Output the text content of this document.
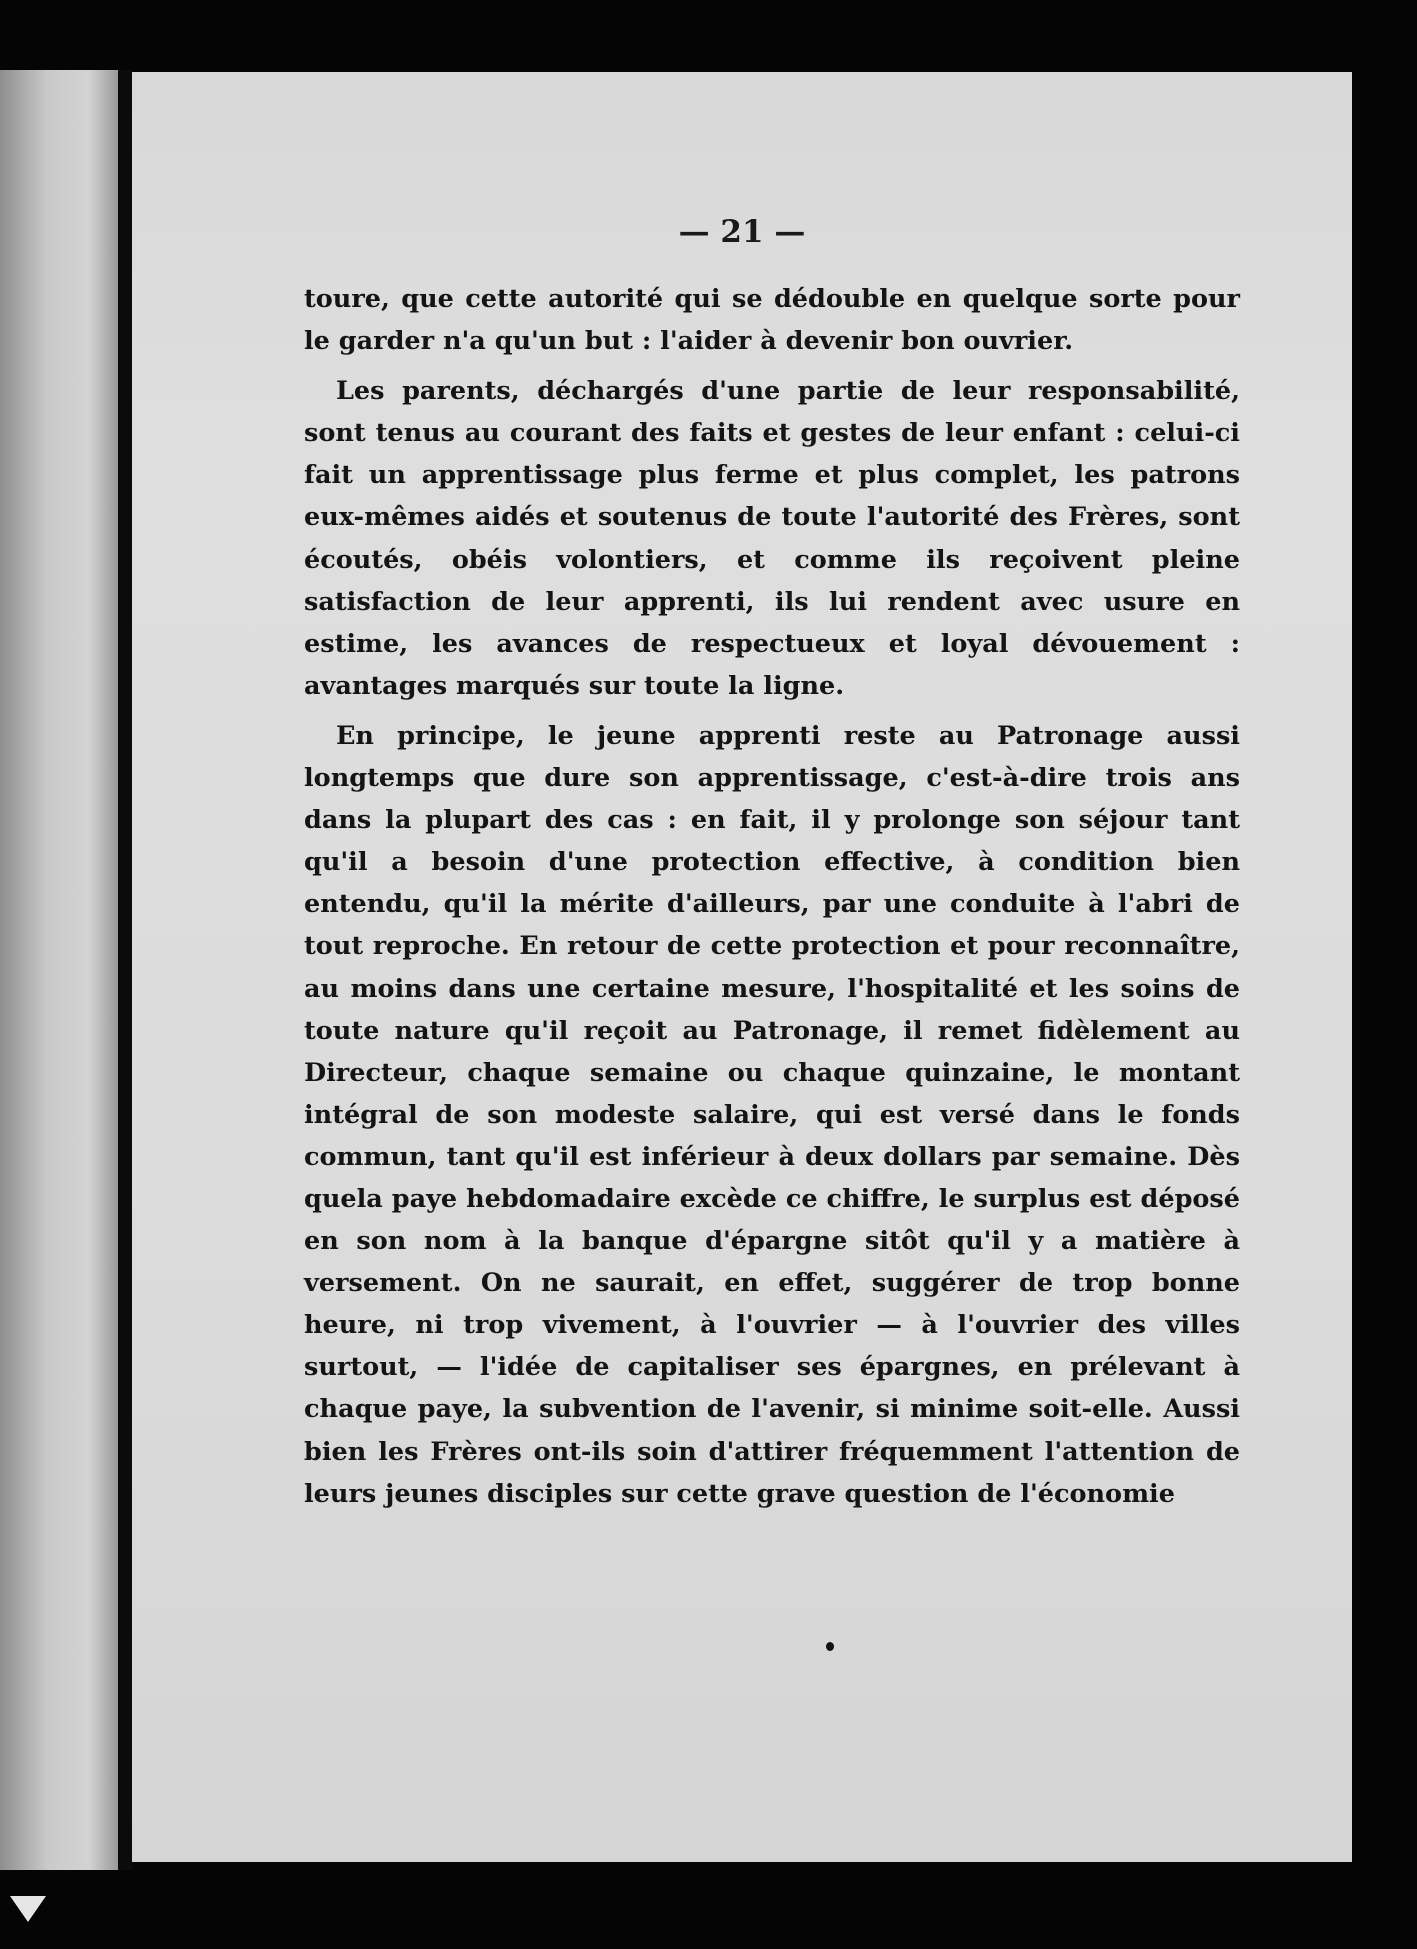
— 21 —

toure, que cette autorité qui se dédouble en quelque sorte pour le garder n'a qu'un but : l'aider à devenir bon ouvrier.

Les parents, déchargés d'une partie de leur responsabilité, sont tenus au courant des faits et gestes de leur enfant : celui-ci fait un apprentissage plus ferme et plus complet, les patrons eux-mêmes aidés et soutenus de toute l'autorité des Frères, sont écoutés, obéis volontiers, et comme ils reçoivent pleine satisfaction de leur apprenti, ils lui rendent avec usure en estime, les avances de respectueux et loyal dévouement : avantages marqués sur toute la ligne.

En principe, le jeune apprenti reste au Patronage aussi longtemps que dure son apprentissage, c'est-à-dire trois ans dans la plupart des cas : en fait, il y prolonge son séjour tant qu'il a besoin d'une protection effective, à condition bien entendu, qu'il la mérite d'ailleurs, par une conduite à l'abri de tout reproche. En retour de cette protection et pour reconnaître, au moins dans une certaine mesure, l'hospitalité et les soins de toute nature qu'il reçoit au Patronage, il remet fidèlement au Directeur, chaque semaine ou chaque quinzaine, le montant intégral de son modeste salaire, qui est versé dans le fonds commun, tant qu'il est inférieur à deux dollars par semaine. Dès quela paye hebdomadaire excède ce chiffre, le surplus est déposé en son nom à la banque d'épargne sitôt qu'il y a matière à versement. On ne saurait, en effet, suggérer de trop bonne heure, ni trop vivement, à l'ouvrier — à l'ouvrier des villes surtout, — l'idée de capitaliser ses épargnes, en prélevant à chaque paye, la subvention de l'avenir, si minime soit-elle. Aussi bien les Frères ont-ils soin d'attirer fréquemment l'attention de leurs jeunes disciples sur cette grave question de l'économie
